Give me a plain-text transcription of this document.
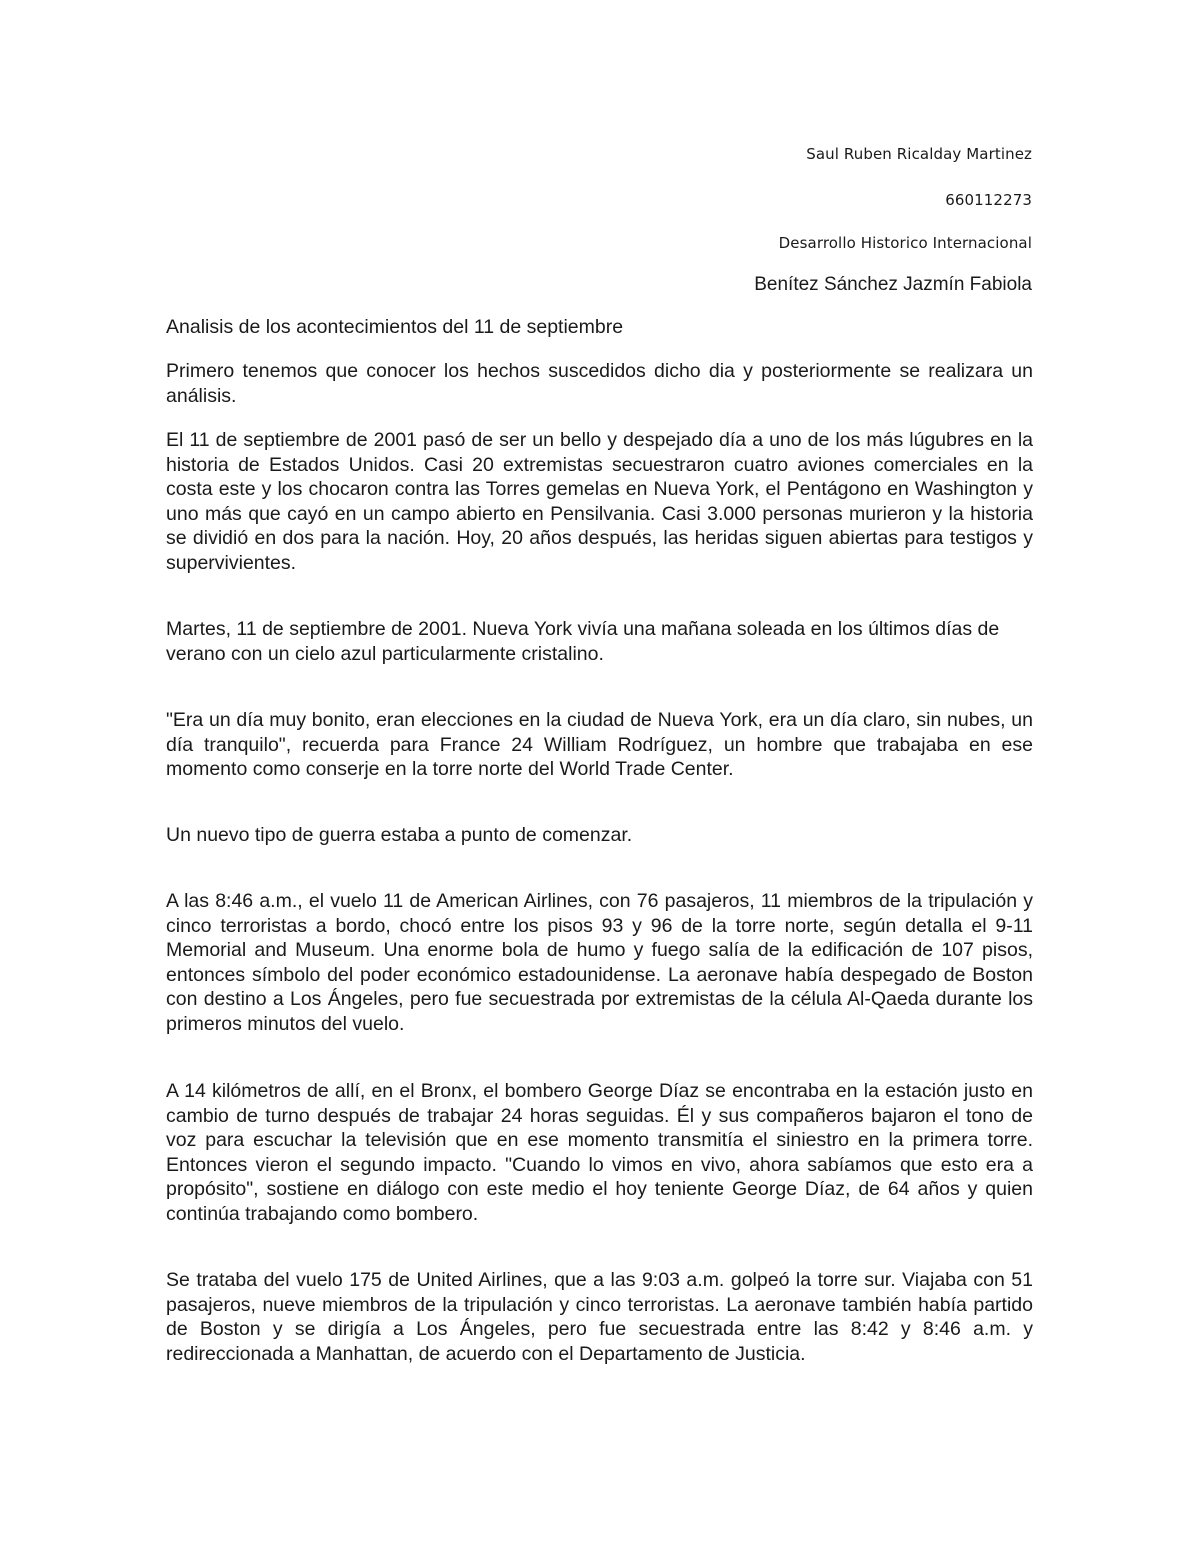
Saul Ruben Ricalday Martinez
660112273
Desarrollo Historico Internacional
Benítez Sánchez Jazmín Fabiola
Analisis de los acontecimientos del 11 de septiembre
Primero tenemos que conocer los hechos suscedidos dicho dia y posteriormente se realizara un análisis.
El 11 de septiembre de 2001 pasó de ser un bello y despejado día a uno de los más lúgubres en la historia de Estados Unidos. Casi 20 extremistas secuestraron cuatro aviones comerciales en la costa este y los chocaron contra las Torres gemelas en Nueva York, el Pentágono en Washington y uno más que cayó en un campo abierto en Pensilvania. Casi 3.000 personas murieron y la historia se dividió en dos para la nación. Hoy, 20 años después, las heridas siguen abiertas para testigos y supervivientes.
Martes, 11 de septiembre de 2001. Nueva York vivía una mañana soleada en los últimos días de verano con un cielo azul particularmente cristalino.
"Era un día muy bonito, eran elecciones en la ciudad de Nueva York, era un día claro, sin nubes, un día tranquilo", recuerda para France 24 William Rodríguez, un hombre que trabajaba en ese momento como conserje en la torre norte del World Trade Center.
Un nuevo tipo de guerra estaba a punto de comenzar.
A las 8:46 a.m., el vuelo 11 de American Airlines, con 76 pasajeros, 11 miembros de la tripulación y cinco terroristas a bordo, chocó entre los pisos 93 y 96 de la torre norte, según detalla el 9-11 Memorial and Museum. Una enorme bola de humo y fuego salía de la edificación de 107 pisos, entonces símbolo del poder económico estadounidense. La aeronave había despegado de Boston con destino a Los Ángeles, pero fue secuestrada por extremistas de la célula Al-Qaeda durante los primeros minutos del vuelo.
A 14 kilómetros de allí, en el Bronx, el bombero George Díaz se encontraba en la estación justo en cambio de turno después de trabajar 24 horas seguidas. Él y sus compañeros bajaron el tono de voz para escuchar la televisión que en ese momento transmitía el siniestro en la primera torre. Entonces vieron el segundo impacto. "Cuando lo vimos en vivo, ahora sabíamos que esto era a propósito", sostiene en diálogo con este medio el hoy teniente George Díaz, de 64 años y quien continúa trabajando como bombero.
Se trataba del vuelo 175 de United Airlines, que a las 9:03 a.m. golpeó la torre sur. Viajaba con 51 pasajeros, nueve miembros de la tripulación y cinco terroristas. La aeronave también había partido de Boston y se dirigía a Los Ángeles, pero fue secuestrada entre las 8:42 y 8:46 a.m. y redireccionada a Manhattan, de acuerdo con el Departamento de Justicia.
